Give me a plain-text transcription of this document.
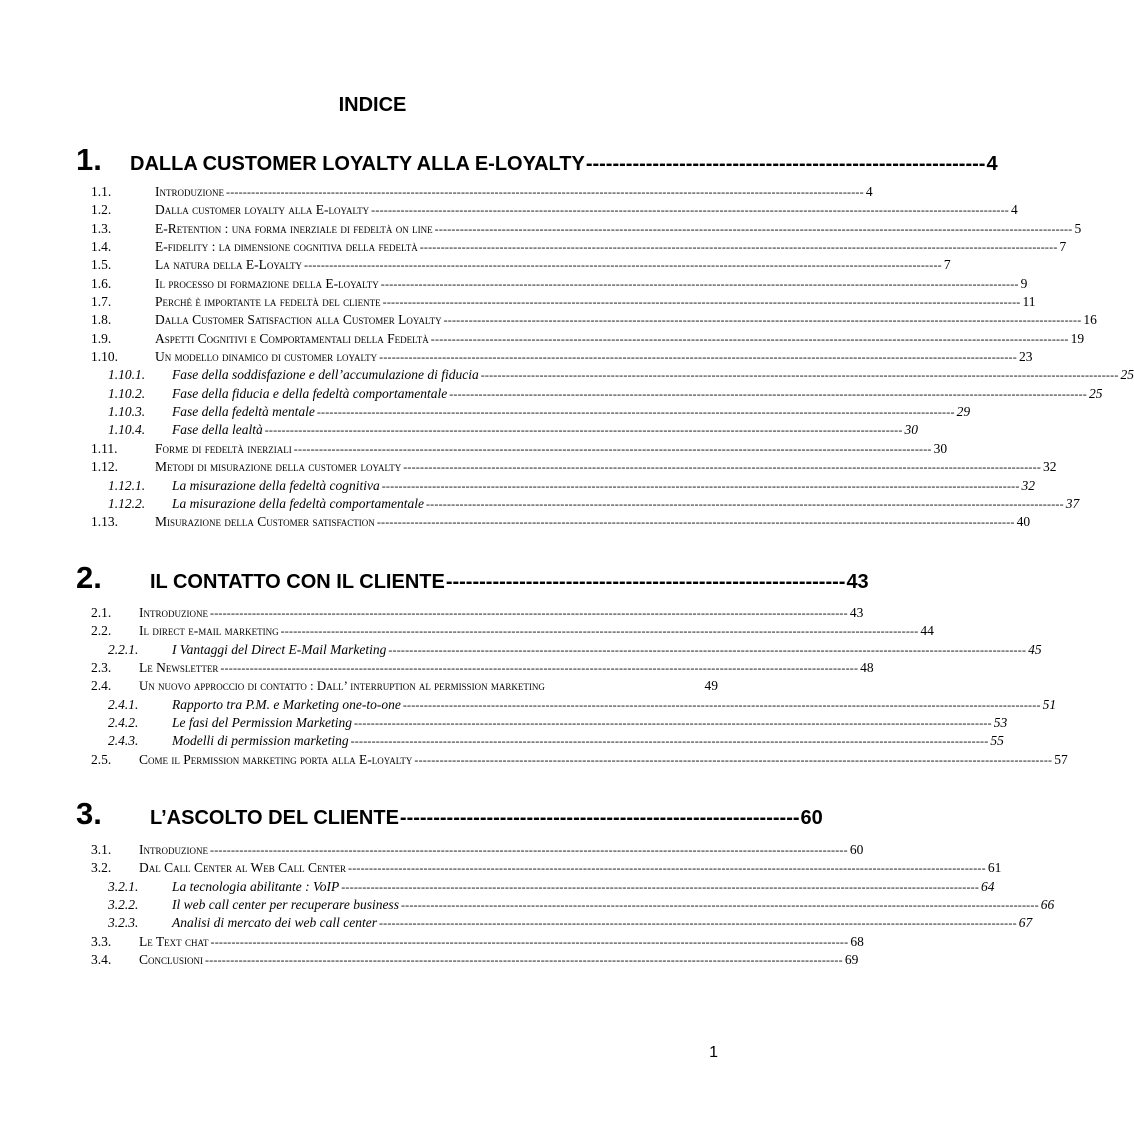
INDICE
1.	DALLA CUSTOMER LOYALTY ALLA E-LOYALTY ------------------------------------------------------------ 4
1.1.	Introduzione -------------------------------------------------------------------------------------------------------------------------------------------------------- 4
1.2.	Dalla customer loyalty alla E-loyalty -------------------------------------------------------------------------------------------------------------------------------------------------------- 4
1.3.	E-Retention : una forma inerziale di fedeltà on line -------------------------------------------------------------------------------------------------------------------------------------------------------- 5
1.4.	E-fidelity : la dimensione cognitiva della fedeltà -------------------------------------------------------------------------------------------------------------------------------------------------------- 7
1.5.	La natura della E-Loyalty -------------------------------------------------------------------------------------------------------------------------------------------------------- 7
1.6.	Il processo di formazione della E-loyalty -------------------------------------------------------------------------------------------------------------------------------------------------------- 9
1.7.	Perché è importante la fedeltà del cliente -------------------------------------------------------------------------------------------------------------------------------------------------------- 11
1.8.	Dalla Customer Satisfaction alla Customer Loyalty -------------------------------------------------------------------------------------------------------------------------------------------------------- 16
1.9.	Aspetti Cognitivi e Comportamentali della Fedeltà -------------------------------------------------------------------------------------------------------------------------------------------------------- 19
1.10.	Un modello dinamico di customer loyalty -------------------------------------------------------------------------------------------------------------------------------------------------------- 23
1.10.1.	Fase della soddisfazione e dell’accumulazione di fiducia -------------------------------------------------------------------------------------------------------------------------------------------------------- 25
1.10.2.	Fase della fiducia e della fedeltà comportamentale -------------------------------------------------------------------------------------------------------------------------------------------------------- 25
1.10.3.	Fase della fedeltà mentale -------------------------------------------------------------------------------------------------------------------------------------------------------- 29
1.10.4.	Fase della lealtà -------------------------------------------------------------------------------------------------------------------------------------------------------- 30
1.11.	Forme di fedeltà inerziali -------------------------------------------------------------------------------------------------------------------------------------------------------- 30
1.12.	Metodi di misurazione della customer loyalty -------------------------------------------------------------------------------------------------------------------------------------------------------- 32
1.12.1.	La misurazione della fedeltà cognitiva -------------------------------------------------------------------------------------------------------------------------------------------------------- 32
1.12.2.	La misurazione della fedeltà comportamentale -------------------------------------------------------------------------------------------------------------------------------------------------------- 37
1.13.	Misurazione della Customer satisfaction -------------------------------------------------------------------------------------------------------------------------------------------------------- 40
2.	IL CONTATTO CON IL CLIENTE ------------------------------------------------------------ 43
2.1.	Introduzione -------------------------------------------------------------------------------------------------------------------------------------------------------- 43
2.2.	Il direct e-mail marketing -------------------------------------------------------------------------------------------------------------------------------------------------------- 44
2.2.1.	I Vantaggi del Direct E-Mail Marketing -------------------------------------------------------------------------------------------------------------------------------------------------------- 45
2.3.	Le Newsletter -------------------------------------------------------------------------------------------------------------------------------------------------------- 48
2.4.	Un nuovo approccio di contatto : Dall’ interruption al permission marketing	49
2.4.1.	Rapporto tra P.M. e Marketing one-to-one -------------------------------------------------------------------------------------------------------------------------------------------------------- 51
2.4.2.	Le fasi del Permission Marketing -------------------------------------------------------------------------------------------------------------------------------------------------------- 53
2.4.3.	Modelli di permission marketing -------------------------------------------------------------------------------------------------------------------------------------------------------- 55
2.5.	Come il Permission marketing porta alla E-loyalty -------------------------------------------------------------------------------------------------------------------------------------------------------- 57
3.	L’ASCOLTO DEL CLIENTE ------------------------------------------------------------ 60
3.1.	Introduzione -------------------------------------------------------------------------------------------------------------------------------------------------------- 60
3.2.	Dal Call Center al Web Call Center -------------------------------------------------------------------------------------------------------------------------------------------------------- 61
3.2.1.	La tecnologia abilitante : VoIP -------------------------------------------------------------------------------------------------------------------------------------------------------- 64
3.2.2.	Il web call center per recuperare business -------------------------------------------------------------------------------------------------------------------------------------------------------- 66
3.2.3.	Analisi di mercato dei web call center -------------------------------------------------------------------------------------------------------------------------------------------------------- 67
3.3.	Le Text chat -------------------------------------------------------------------------------------------------------------------------------------------------------- 68
3.4.	Conclusioni -------------------------------------------------------------------------------------------------------------------------------------------------------- 69
1
